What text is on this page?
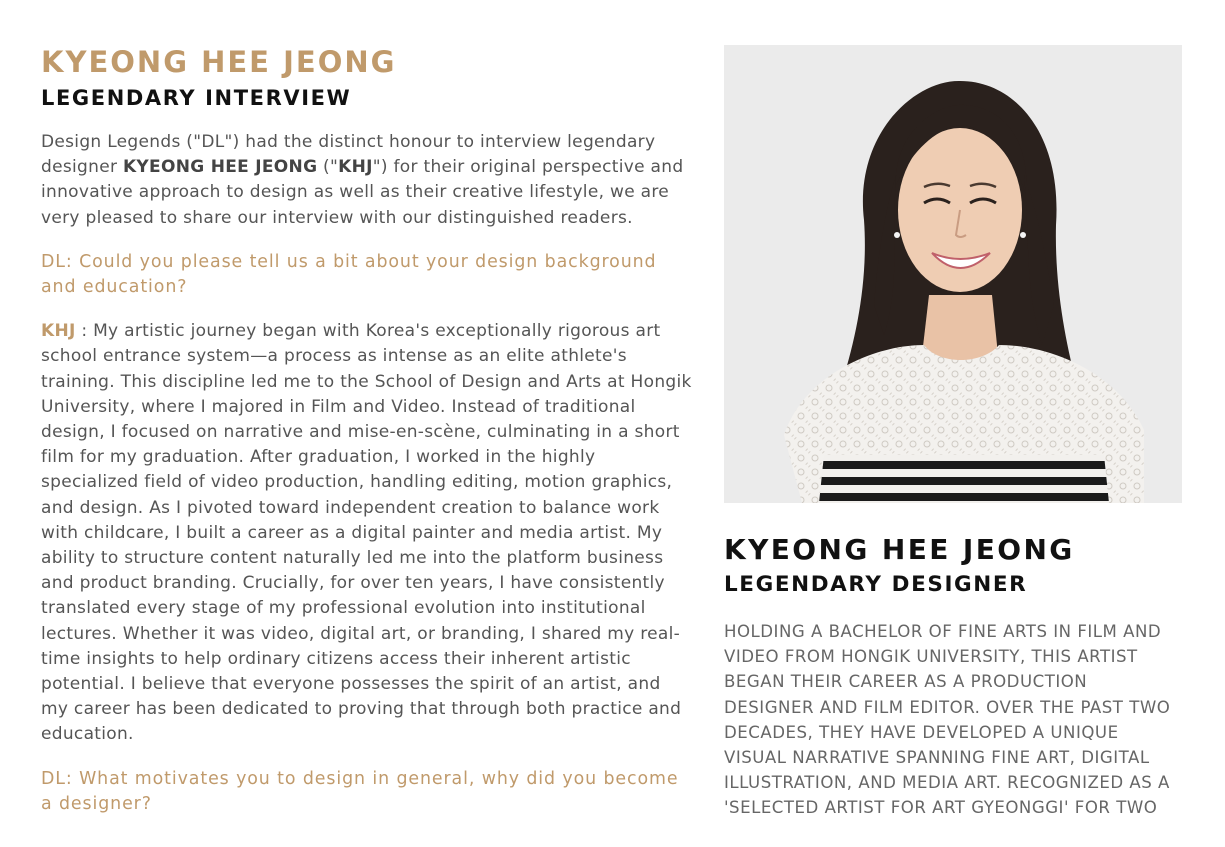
KYEONG HEE JEONG
LEGENDARY INTERVIEW

Design Legends ("DL") had the distinct honour to interview legendary designer KYEONG HEE JEONG ("KHJ") for their original perspective and innovative approach to design as well as their creative lifestyle, we are very pleased to share our interview with our distinguished readers.

DL: Could you please tell us a bit about your design background and education?

KHJ : My artistic journey began with Korea's exceptionally rigorous art school entrance system—a process as intense as an elite athlete's training. This discipline led me to the School of Design and Arts at Hongik University, where I majored in Film and Video. Instead of traditional design, I focused on narrative and mise-en-scène, culminating in a short film for my graduation. After graduation, I worked in the highly specialized field of video production, handling editing, motion graphics, and design. As I pivoted toward independent creation to balance work with childcare, I built a career as a digital painter and media artist. My ability to structure content naturally led me into the platform business and product branding. Crucially, for over ten years, I have consistently translated every stage of my professional evolution into institutional lectures. Whether it was video, digital art, or branding, I shared my real-time insights to help ordinary citizens access their inherent artistic potential. I believe that everyone possesses the spirit of an artist, and my career has been dedicated to proving that through both practice and education.

DL: What motivates you to design in general, why did you become a designer?

KYEONG HEE JEONG
LEGENDARY DESIGNER

HOLDING A BACHELOR OF FINE ARTS IN FILM AND VIDEO FROM HONGIK UNIVERSITY, THIS ARTIST BEGAN THEIR CAREER AS A PRODUCTION DESIGNER AND FILM EDITOR. OVER THE PAST TWO DECADES, THEY HAVE DEVELOPED A UNIQUE VISUAL NARRATIVE SPANNING FINE ART, DIGITAL ILLUSTRATION, AND MEDIA ART. RECOGNIZED AS A 'SELECTED ARTIST FOR ART GYEONGGI' FOR TWO
